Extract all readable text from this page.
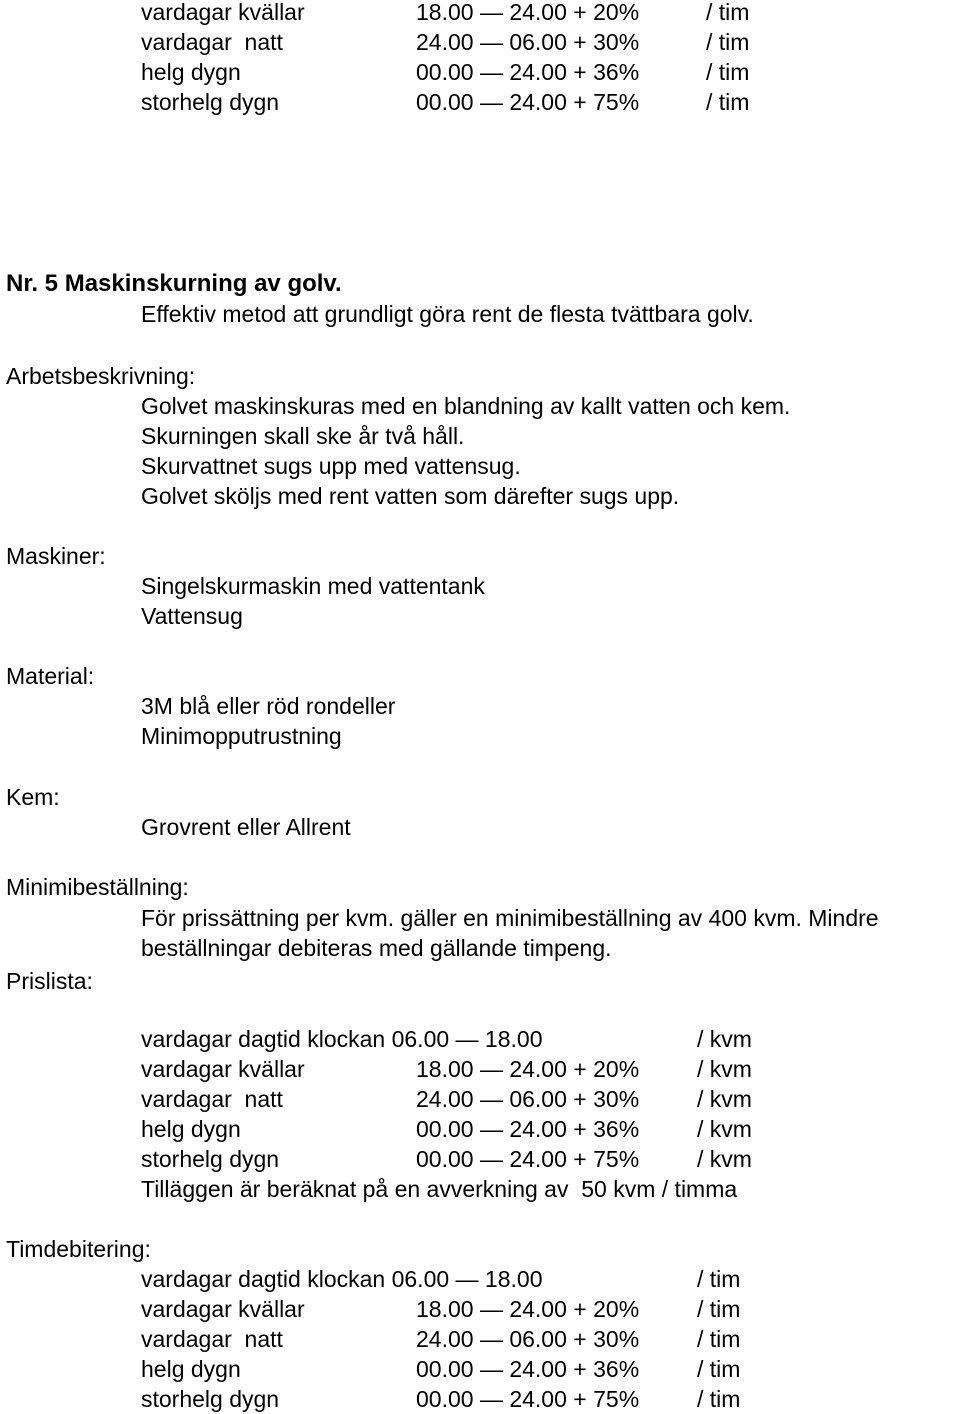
vardagar kvällar	18.00 — 24.00 + 20%	/ tim
vardagar  natt	24.00 — 06.00 + 30%	/ tim
helg dygn	00.00 — 24.00 + 36%	/ tim
storhelg dygn	00.00 — 24.00 + 75%	/ tim
Nr. 5 Maskinskurning av golv.
Effektiv metod att grundligt göra rent de flesta tvättbara golv.
Arbetsbeskrivning:
Golvet maskinskuras med en blandning av kallt vatten och kem.
Skurningen skall ske år två håll.
Skurvattnet sugs upp med vattensug.
Golvet sköljs med rent vatten som därefter sugs upp.
Maskiner:
Singelskurmaskin med vattentank
Vattensug
Material:
3M blå eller röd rondeller
Minimopputrustning
Kem:
Grovrent eller Allrent
Minimibeställning:
För prissättning per kvm. gäller en minimibeställning av 400 kvm. Mindre
beställningar debiteras med gällande timpeng.
Prislista:
vardagar dagtid klockan 06.00 — 18.00	/ kvm
vardagar kvällar	18.00 — 24.00 + 20%	/ kvm
vardagar  natt	24.00 — 06.00 + 30%	/ kvm
helg dygn	00.00 — 24.00 + 36%	/ kvm
storhelg dygn	00.00 — 24.00 + 75%	/ kvm
Tilläggen är beräknat på en avverkning av  50 kvm / timma
Timdebitering:
vardagar dagtid klockan 06.00 — 18.00	/ tim
vardagar kvällar	18.00 — 24.00 + 20%	/ tim
vardagar  natt	24.00 — 06.00 + 30%	/ tim
helg dygn	00.00 — 24.00 + 36%	/ tim
storhelg dygn	00.00 — 24.00 + 75%	/ tim
